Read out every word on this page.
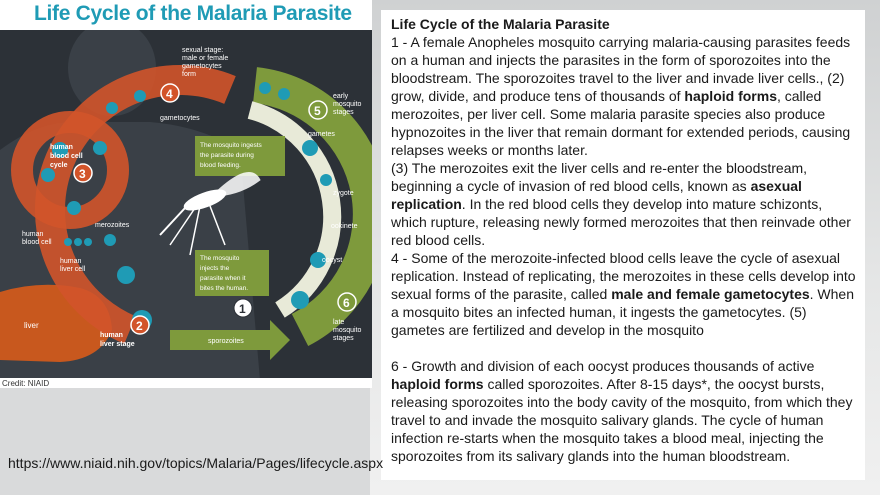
Life Cycle of the Malaria Parasite
liver
The mosquito ingests
the parasite during
blood feeding.
The mosquito
injects the
parasite when it
bites the human.
1
2
3
4
5
6
sexual stage:
male or female
gametocytes
form
gametocytes
human
blood cell
cycle
human
blood cell
merozoites
human
liver cell
human
liver stage	sporozoites
early
mosquito
stages
gametes
zygote
ookinete
oocyst
late
mosquito
stages
Credit: NIAID

Life Cycle of the Malaria Parasite

1 - A female Anopheles mosquito carrying malaria-causing parasites feeds on a human and injects the parasites in the form of sporozoites into the bloodstream. The sporozoites travel to the liver and invade liver cells., (2) grow, divide, and produce tens of thousands of haploid forms, called merozoites, per liver cell. Some malaria parasite species also produce hypnozoites in the liver that remain dormant for extended periods, causing relapses weeks or months later.

(3) The merozoites exit the liver cells and re-enter the bloodstream, beginning a cycle of invasion of red blood cells, known as asexual replication. In the red blood cells they develop into mature schizonts, which rupture, releasing newly formed merozoites that then reinvade other red blood cells.

4 - Some of the merozoite-infected blood cells leave the cycle of asexual replication. Instead of replicating, the merozoites in these cells develop into sexual forms of the parasite, called male and female gametocytes. When a mosquito bites an infected human, it ingests the gametocytes. (5) gametes are fertilized and develop in the mosquito

6 - Growth and division of each oocyst produces thousands of active haploid forms called sporozoites. After 8-15 days*, the oocyst bursts, releasing sporozoites into the body cavity of the mosquito, from which they travel to and invade the mosquito salivary glands. The cycle of human infection re-starts when the mosquito takes a blood meal, injecting the sporozoites from its salivary glands into the human bloodstream.

https://www.niaid.nih.gov/topics/Malaria/Pages/lifecycle.aspx
